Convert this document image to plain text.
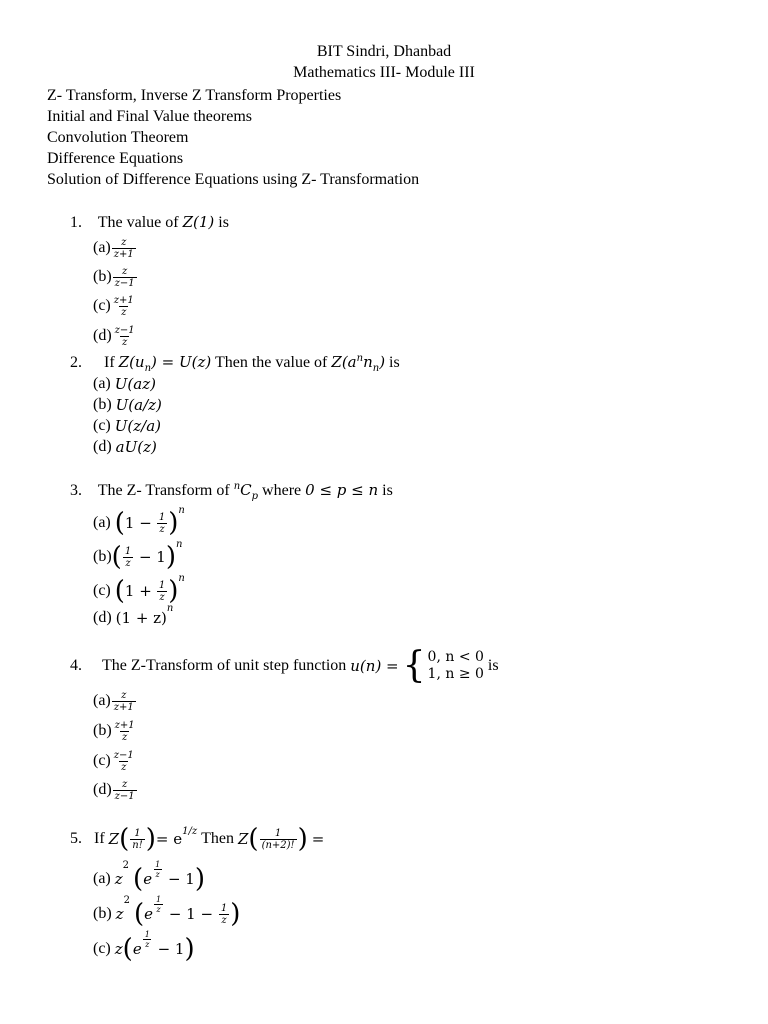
BIT Sindri, Dhanbad
Mathematics III- Module III
Z- Transform, Inverse Z Transform Properties
Initial and Final Value theorems
Convolution Theorem
Difference Equations
Solution of Difference Equations using Z- Transformation
1. The value of Z(1) is
$(a) \frac{z}{z+1}$
$(b) \frac{z}{z-1}$
$(c) \frac{z+1}{z}$
$(d) \frac{z-1}{z}$
2. If $Z(u_n) = U(z)$ Then the value of $Z(a^nn_n)$ is
(a)
U(az)
(b)
U(a/z)
(c)
U(z/a)
(d)
aU(z)
3. The Z- Transform of $^nC_p$ where 0 ≤ p ≤ n is
(a)
( 1 −
$\frac{1}{z}$ ) n
(b) ( $\frac{1}{z} - 1$ ) n
(c)
( 1 +
$\frac{1}{z}$ ) n
(d)
(1 + z)
n
4. The Z-Transform of unit step function
u(n) =
{ 0, n < 0
1, n ≥ 0
is
$(a) \frac{z}{z+1}$
$(b) \frac{z+1}{z}$
$(c) \frac{z-1}{z}$
$(d) \frac{z}{z-1}$
5. If
Z ( $\frac{1}{n!}$ ) = e 1/z
Then
Z ( $\frac{1}{(n+2)!}$ )
=
(a)
z
2
( e $\frac{1}{z} - 1$ )
(b)
z
2
( e $\frac{1}{z} - 1 - \frac{1}{z}$ )
(c)
z ( e $\frac{1}{z} - 1$ )
